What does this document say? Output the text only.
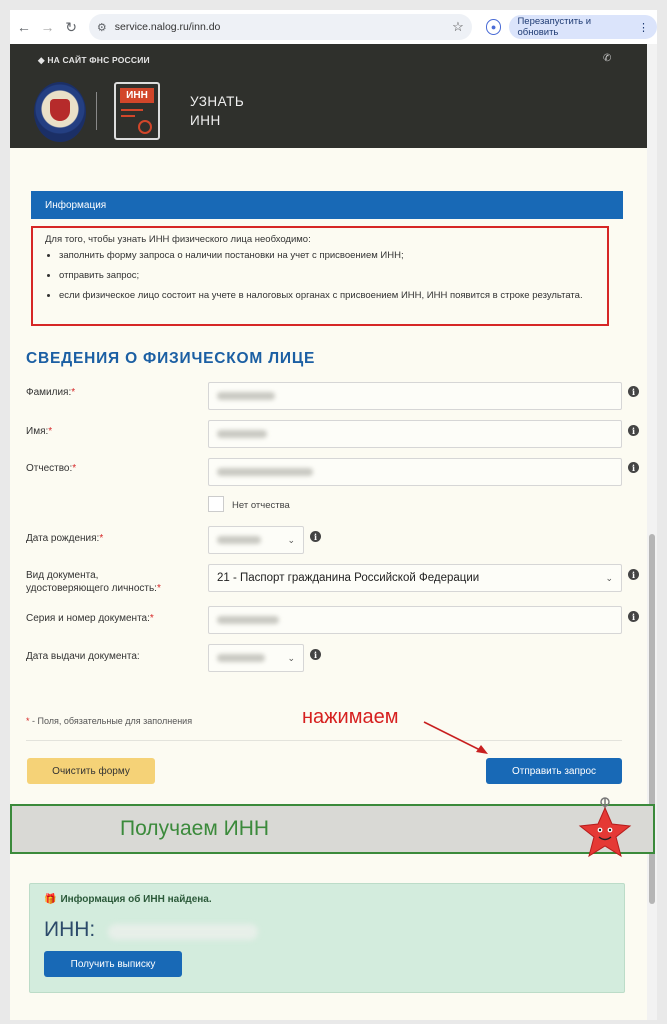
← → ↻	⚙ service.nalog.ru/inn.do	☆	●	Перезапустить и обновить	⋮
◆ НА САЙТ ФНС РОССИИ	✆
ИНН	УЗНАТЬ
ИНН
Информация
Для того, чтобы узнать ИНН физического лица необходимо:
• заполнить форму запроса о наличии постановки на учет с присвоением ИНН;
• отправить запрос;
• если физическое лицо состоит на учете в налоговых органах с присвоением ИНН, ИНН появится в строке результата.
СВЕДЕНИЯ О ФИЗИЧЕСКОМ ЛИЦЕ
Фамилия:*	i
Имя:*	i
Отчество:*	i
Нет отчества
Дата рождения:*	⌄	i
Вид документа,
удостоверяющего личность:*
21 - Паспорт гражданина Российской Федерации	⌄	i
Серия и номер документа:*	i
Дата выдачи документа:	⌄	i
* - Поля, обязательные для заполнения	нажимаем
Очистить форму	Отправить запрос
🎁 Информация об ИНН найдена.
ИНН:
Получить выписку
Получаем ИНН
